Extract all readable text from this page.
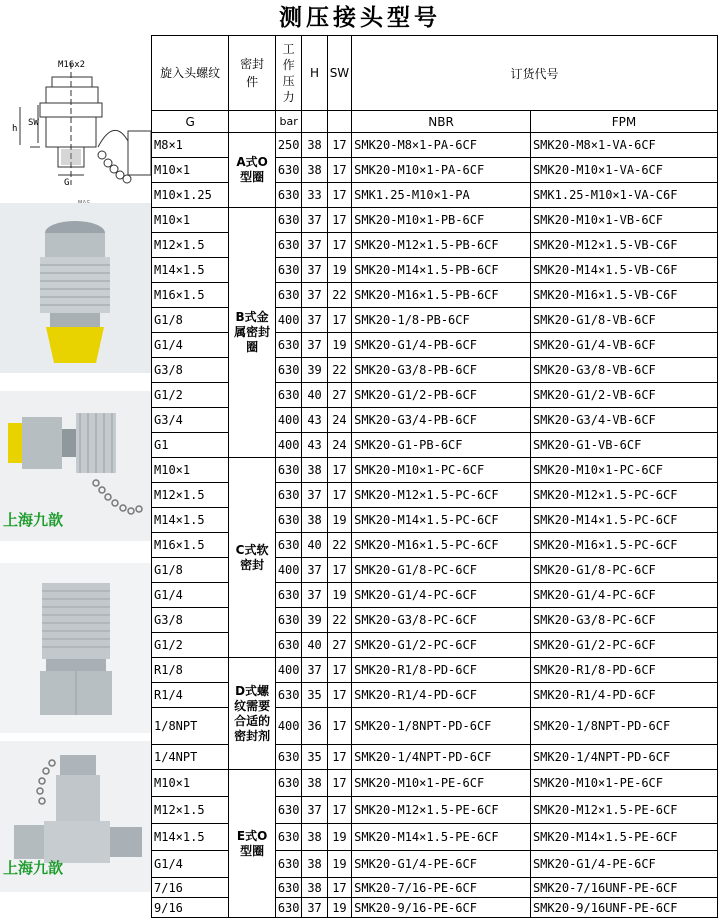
测压接头型号
M16x2
SW
G
h
上海九歆
上海九歆
旋入头螺纹	密封件	工作压力	H	SW	订货代号	
G		bar			NBR	FPM
M8×1	A式O型圈	250	38	17	SMK20-M8×1-PA-6CF	SMK20-M8×1-VA-6CF
M10×1		630	38	17	SMK20-M10×1-PA-6CF	SMK20-M10×1-VA-6CF
M10×1.25		630	33	17	SMK1.25-M10×1-PA	SMK1.25-M10×1-VA-C6F
M10×1	B式金属密封圈	630	37	17	SMK20-M10×1-PB-6CF	SMK20-M10×1-VB-6CF
M12×1.5		630	37	17	SMK20-M12×1.5-PB-6CF	SMK20-M12×1.5-VB-C6F
M14×1.5		630	37	19	SMK20-M14×1.5-PB-6CF	SMK20-M14×1.5-VB-C6F
M16×1.5		630	37	22	SMK20-M16×1.5-PB-6CF	SMK20-M16×1.5-VB-C6F
G1/8		400	37	17	SMK20-1/8-PB-6CF	SMK20-G1/8-VB-6CF
G1/4		630	37	19	SMK20-G1/4-PB-6CF	SMK20-G1/4-VB-6CF
G3/8		630	39	22	SMK20-G3/8-PB-6CF	SMK20-G3/8-VB-6CF
G1/2		630	40	27	SMK20-G1/2-PB-6CF	SMK20-G1/2-VB-6CF
G3/4		400	43	24	SMK20-G3/4-PB-6CF	SMK20-G3/4-VB-6CF
G1		400	43	24	SMK20-G1-PB-6CF	SMK20-G1-VB-6CF
M10×1	C式软密封	630	38	17	SMK20-M10×1-PC-6CF	SMK20-M10×1-PC-6CF
M12×1.5		630	37	17	SMK20-M12×1.5-PC-6CF	SMK20-M12×1.5-PC-6CF
M14×1.5		630	38	19	SMK20-M14×1.5-PC-6CF	SMK20-M14×1.5-PC-6CF
M16×1.5		630	40	22	SMK20-M16×1.5-PC-6CF	SMK20-M16×1.5-PC-6CF
G1/8		400	37	17	SMK20-G1/8-PC-6CF	SMK20-G1/8-PC-6CF
G1/4		630	37	19	SMK20-G1/4-PC-6CF	SMK20-G1/4-PC-6CF
G3/8		630	39	22	SMK20-G3/8-PC-6CF	SMK20-G3/8-PC-6CF
G1/2		630	40	27	SMK20-G1/2-PC-6CF	SMK20-G1/2-PC-6CF
R1/8	D式螺纹需要合适的密封剂	400	37	17	SMK20-R1/8-PD-6CF	SMK20-R1/8-PD-6CF
R1/4		630	35	17	SMK20-R1/4-PD-6CF	SMK20-R1/4-PD-6CF
1/8NPT		400	36	17	SMK20-1/8NPT-PD-6CF	SMK20-1/8NPT-PD-6CF
1/4NPT		630	35	17	SMK20-1/4NPT-PD-6CF	SMK20-1/4NPT-PD-6CF
M10×1	E式O型圈	630	38	17	SMK20-M10×1-PE-6CF	SMK20-M10×1-PE-6CF
M12×1.5		630	37	17	SMK20-M12×1.5-PE-6CF	SMK20-M12×1.5-PE-6CF
M14×1.5		630	38	19	SMK20-M14×1.5-PE-6CF	SMK20-M14×1.5-PE-6CF
G1/4		630	38	19	SMK20-G1/4-PE-6CF	SMK20-G1/4-PE-6CF
7/16		630	38	17	SMK20-7/16-PE-6CF	SMK20-7/16UNF-PE-6CF
9/16		630	37	19	SMK20-9/16-PE-6CF	SMK20-9/16UNF-PE-6CF
